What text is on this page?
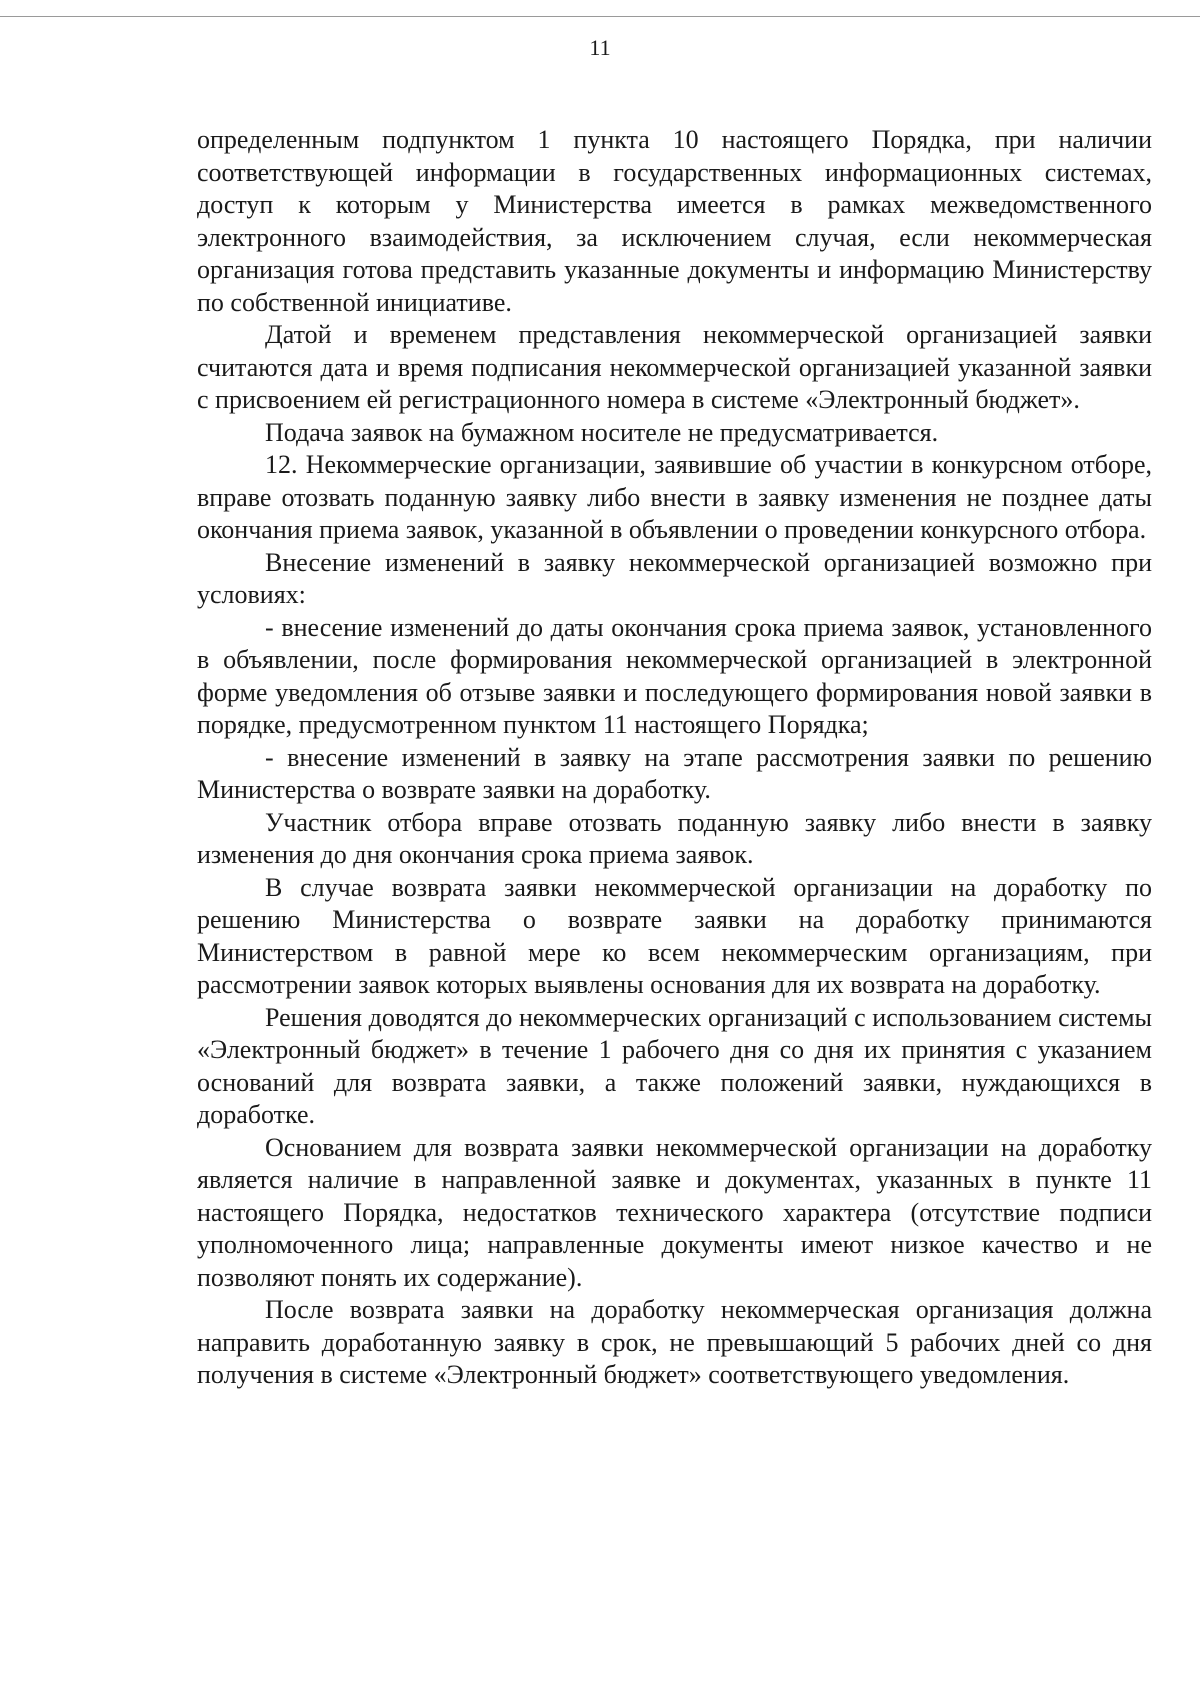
11

определенным подпунктом 1 пункта 10 настоящего Порядка, при наличии соответствующей информации в государственных информационных системах, доступ к которым у Министерства имеется в рамках межведомственного электронного взаимодействия, за исключением случая, если некоммерческая организация готова представить указанные документы и информацию Министерству по собственной инициативе.

Датой и временем представления некоммерческой организацией заявки считаются дата и время подписания некоммерческой организацией указанной заявки с присвоением ей регистрационного номера в системе «Электронный бюджет».

Подача заявок на бумажном носителе не предусматривается.

12. Некоммерческие организации, заявившие об участии в конкурсном отборе, вправе отозвать поданную заявку либо внести в заявку изменения не позднее даты окончания приема заявок, указанной в объявлении о проведении конкурсного отбора.

Внесение изменений в заявку некоммерческой организацией возможно при условиях:

- внесение изменений до даты окончания срока приема заявок, установленного в объявлении, после формирования некоммерческой организацией в электронной форме уведомления об отзыве заявки и последующего формирования новой заявки в порядке, предусмотренном пунктом 11 настоящего Порядка;

- внесение изменений в заявку на этапе рассмотрения заявки по решению Министерства о возврате заявки на доработку.

Участник отбора вправе отозвать поданную заявку либо внести в заявку изменения до дня окончания срока приема заявок.

В случае возврата заявки некоммерческой организации на доработку по решению Министерства о возврате заявки на доработку принимаются Министерством в равной мере ко всем некоммерческим организациям, при рассмотрении заявок которых выявлены основания для их возврата на доработку.

Решения доводятся до некоммерческих организаций с использованием системы «Электронный бюджет» в течение 1 рабочего дня со дня их принятия с указанием оснований для возврата заявки, а также положений заявки, нуждающихся в доработке.

Основанием для возврата заявки некоммерческой организации на доработку является наличие в направленной заявке и документах, указанных в пункте 11 настоящего Порядка, недостатков технического характера (отсутствие подписи уполномоченного лица; направленные документы имеют низкое качество и не позволяют понять их содержание).

После возврата заявки на доработку некоммерческая организация должна направить доработанную заявку в срок, не превышающий 5 рабочих дней со дня получения в системе «Электронный бюджет» соответствующего уведомления.
